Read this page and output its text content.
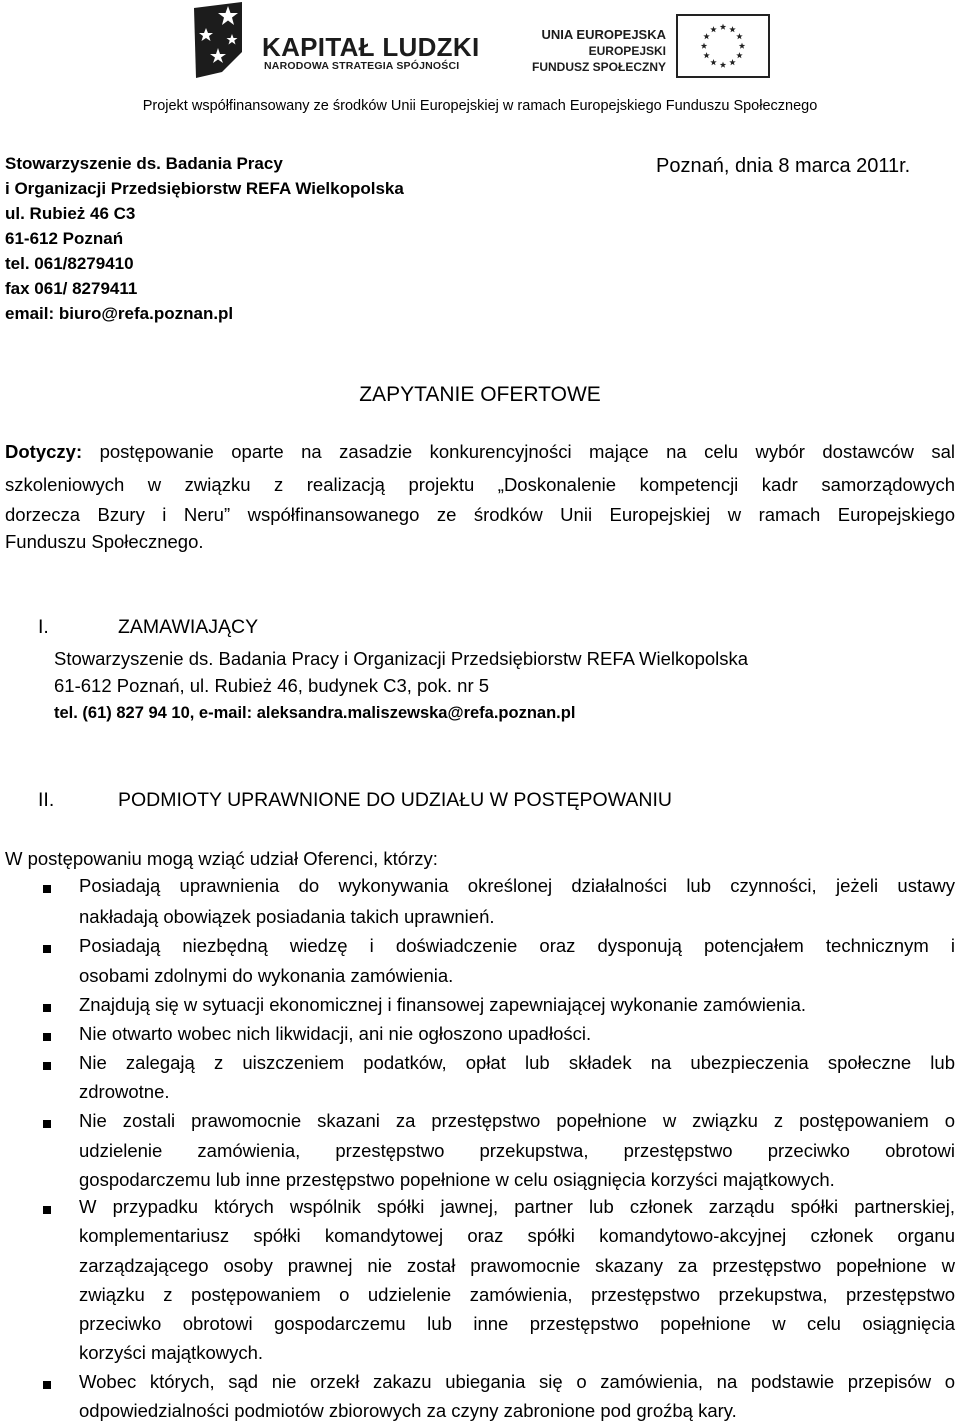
KAPITAŁ LUDZKI
NARODOWA STRATEGIA SPÓJNOŚCI
UNIA EUROPEJSKA
EUROPEJSKI
FUNDUSZ SPOŁECZNY
Projekt współfinansowany ze środków Unii Europejskiej w ramach Europejskiego Funduszu Społecznego
Stowarzyszenie ds. Badania Pracy
i Organizacji Przedsiębiorstw REFA Wielkopolska
ul. Rubież 46 C3
61-612 Poznań
tel. 061/8279410
fax 061/ 8279411
email: biuro@refa.poznan.pl
Poznań, dnia 8 marca 2011r.
ZAPYTANIE OFERTOWE
Dotyczy: postępowanie oparte na zasadzie konkurencyjności mające na celu wybór dostawców sal
szkoleniowych w związku z realizacją projektu „Doskonalenie kompetencji kadr samorządowych
dorzecza Bzury i Neru” współfinansowanego ze środków Unii Europejskiej w ramach Europejskiego
Funduszu Społecznego.
I.	ZAMAWIAJĄCY
Stowarzyszenie ds. Badania Pracy i Organizacji Przedsiębiorstw REFA Wielkopolska
61-612 Poznań, ul. Rubież 46, budynek C3, pok. nr 5
tel. (61) 827 94 10, e-mail: aleksandra.maliszewska@refa.poznan.pl
II.	PODMIOTY UPRAWNIONE DO UDZIAŁU W POSTĘPOWANIU
W postępowaniu mogą wziąć udział Oferenci, którzy:
Posiadają uprawnienia do wykonywania określonej działalności lub czynności, jeżeli ustawy
nakładają obowiązek posiadania takich uprawnień.
Posiadają niezbędną wiedzę i doświadczenie oraz dysponują potencjałem technicznym i
osobami zdolnymi do wykonania zamówienia.
Znajdują się w sytuacji ekonomicznej i finansowej zapewniającej wykonanie zamówienia.
Nie otwarto wobec nich likwidacji, ani nie ogłoszono upadłości.
Nie zalegają z uiszczeniem podatków, opłat lub składek na ubezpieczenia społeczne lub
zdrowotne.
Nie zostali prawomocnie skazani za przestępstwo popełnione w związku z postępowaniem o
udzielenie zamówienia, przestępstwo przekupstwa, przestępstwo przeciwko obrotowi
gospodarczemu lub inne przestępstwo popełnione w celu osiągnięcia korzyści majątkowych.
W przypadku których wspólnik spółki jawnej, partner lub członek zarządu spółki partnerskiej,
komplementariusz spółki komandytowej oraz spółki komandytowo-akcyjnej członek organu
zarządzającego osoby prawnej nie został prawomocnie skazany za przestępstwo popełnione w
związku z postępowaniem o udzielenie zamówienia, przestępstwo przekupstwa, przestępstwo
przeciwko obrotowi gospodarczemu lub inne przestępstwo popełnione w celu osiągnięcia
korzyści majątkowych.
Wobec których, sąd nie orzekł zakazu ubiegania się o zamówienia, na podstawie przepisów o
odpowiedzialności podmiotów zbiorowych za czyny zabronione pod groźbą kary.
